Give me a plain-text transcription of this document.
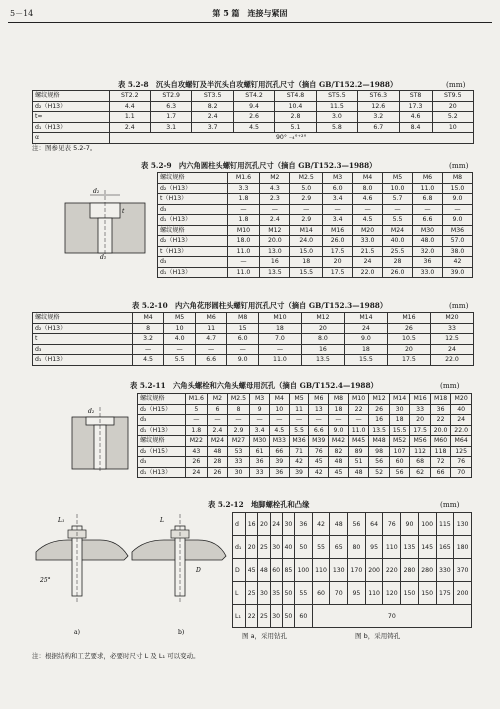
5－14	第 5 篇　连接与紧固
表 5.2-8　沉头自攻螺钉及半沉头自攻螺钉用沉孔尺寸（摘自 GB/T152.2—1988）	(mm)
螺纹规格	ST2.2	ST2.9	ST3.5	ST4.2	ST4.8	ST5.5	ST6.3	ST8	ST9.5
d₂（H13）	4.4	6.3	8.2	9.4	10.4	11.5	12.6	17.3	20
t≈	1.1	1.7	2.4	2.6	2.8	3.0	3.2	4.6	5.2
d₁（H13）	2.4	3.1	3.7	4.5	5.1	5.8	6.7	8.4	10
α	90° ₋₄°⁺²°								
注：图参见表 5.2-7。
表 5.2-9　内六角圆柱头螺钉用沉孔尺寸（摘自 GB/T152.3—1988）	(mm)
螺纹规格	M1.6	M2	M2.5	M3	M4	M5	M6	M8
d₂（H13）	3.3	4.3	5.0	6.0	8.0	10.0	11.0	15.0
t（H13）	1.8	2.3	2.9	3.4	4.6	5.7	6.8	9.0
d₃	—	—	—	—	—	—	—	—
d₁（H13）	1.8	2.4	2.9	3.4	4.5	5.5	6.6	9.0
螺纹规格	M10	M12	M14	M16	M20	M24	M30	M36
d₂（H13）	18.0	20.0	24.0	26.0	33.0	40.0	48.0	57.0
t（H13）	11.0	13.0	15.0	17.5	21.5	25.5	32.0	38.0
d₃	—	16	18	20	24	28	36	42
d₁（H13）	11.0	13.5	15.5	17.5	22.0	26.0	33.0	39.0
d₂
t
d₁
表 5.2-10　内六角花形圆柱头螺钉用沉孔尺寸（摘自 GB/T152.3—1988）	(mm)
螺纹规格	M4	M5	M6	M8	M10	M12	M14	M16	M20
d₂（H13）	8	10	11	15	18	20	24	26	33
t	3.2	4.0	4.7	6.0	7.0	8.0	9.0	10.5	12.5
d₃	—	—	—	—	—	16	18	20	24
d₁（H13）	4.5	5.5	6.6	9.0	11.0	13.5	15.5	17.5	22.0
表 5.2-11　六角头螺栓和六角头螺母用沉孔（摘自 GB/T152.4—1988）	(mm)
螺纹规格	M1.6	M2	M2.5	M3	M4	M5	M6	M8	M10	M12	M14	M16	M18	M20
d₂（H15）	5	6	8	9	10	11	13	18	22	26	30	33	36	40
d₃	—	—	—	—	—	—	—	—	—	16	18	20	22	24
d₁（H13）	1.8	2.4	2.9	3.4	4.5	5.5	6.6	9.0	11.0	13.5	15.5	17.5	20.0	22.0
螺纹规格	M22	M24	M27	M30	M33	M36	M39	M42	M45	M48	M52	M56	M60	M64
d₂（H15）	43	48	53	61	66	71	76	82	89	98	107	112	118	125
d₃	26	28	33	36	39	42	45	48	51	56	60	68	72	76
d₁（H13）	24	26	30	33	36	39	42	45	48	52	56	62	66	70
d₂
表 5.2-12　地脚螺栓孔和凸缘	(mm)
d	16	20	24	30	36	42	48	56	64	76	90	100	115	130
d₁	20	25	30	40	50	55	65	80	95	110	135	145	165	180
D	45	48	60	85	100	110	130	170	200	220	280	280	330	370
L	25	30	35	50	55	60	70	95	110	120	150	150	175	200
L₁	22	25	30	50	60	70								
图 a，采用钻孔	图 b，采用铸孔
L₁
25°
a)
L
D
b)
注：根据结构和工艺要求，必要时尺寸 L 及 L₁ 可以变动。
